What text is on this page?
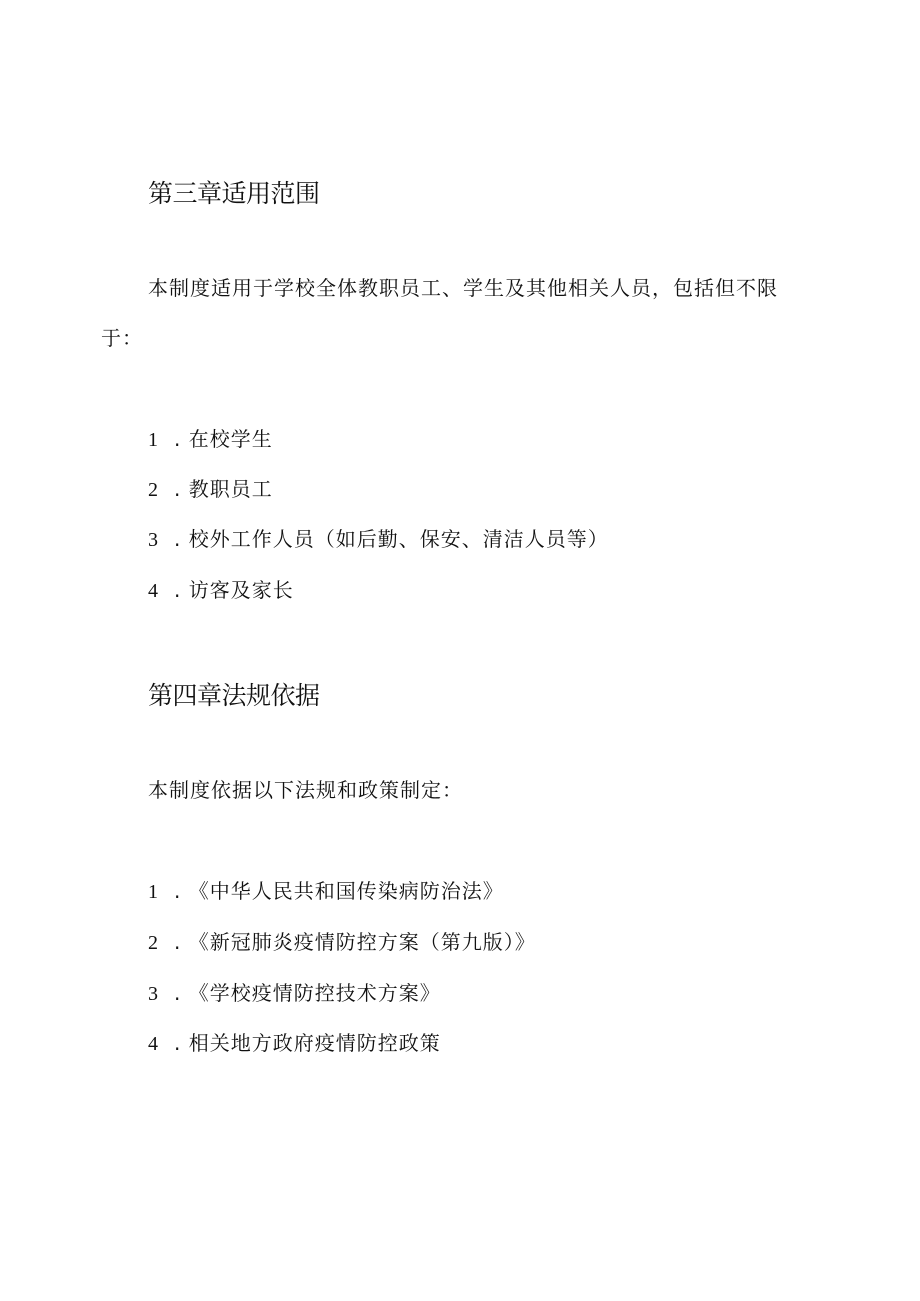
第三章适用范围

本制度适用于学校全体教职员工、学生及其他相关人员，包括但不限

于：

1 . 在校学生
2 . 教职员工
3 . 校外工作人员（如后勤、保安、清洁人员等）
4 . 访客及家长
第四章法规依据

本制度依据以下法规和政策制定：

1 . 《中华人民共和国传染病防治法》
2 . 《新冠肺炎疫情防控方案（第九版）》
3 . 《学校疫情防控技术方案》
4 . 相关地方政府疫情防控政策
